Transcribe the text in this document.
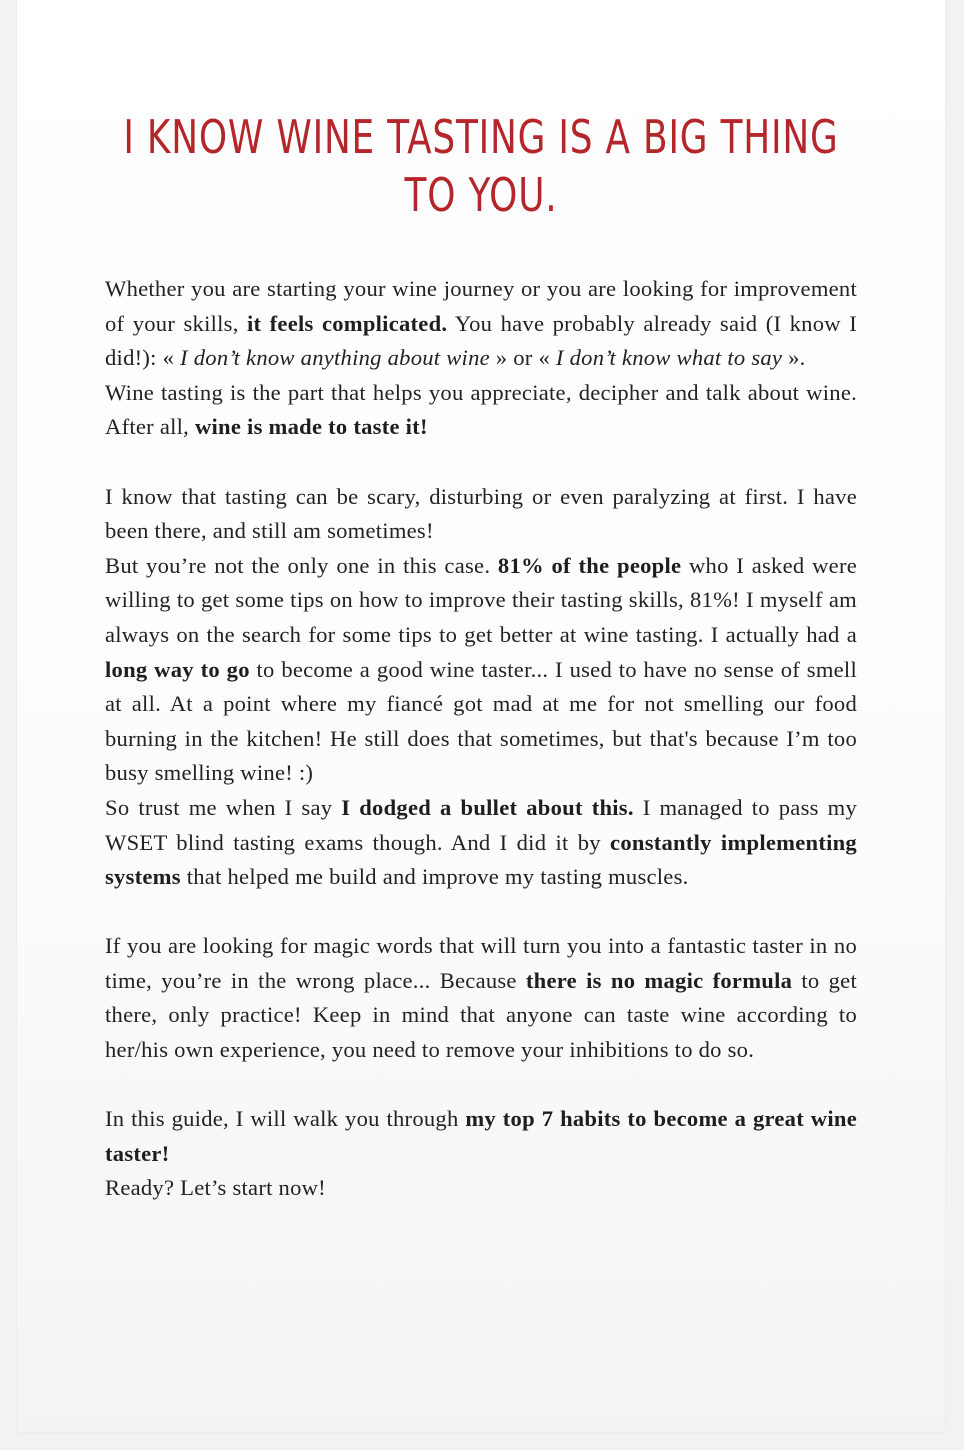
I KNOW WINE TASTING IS A BIG THING
TO YOU.

Whether you are starting your wine journey or you are looking for improvement of your skills, it feels complicated. You have probably already said (I know I did!): « I don’t know anything about wine » or « I don’t know what to say ».

Wine tasting is the part that helps you appreciate, decipher and talk about wine. After all, wine is made to taste it!

I know that tasting can be scary, disturbing or even paralyzing at first. I have been there, and still am sometimes!

But you’re not the only one in this case. 81% of the people who I asked were willing to get some tips on how to improve their tasting skills, 81%! I myself am always on the search for some tips to get better at wine tasting. I actually had a long way to go to become a good wine taster... I used to have no sense of smell at all. At a point where my fiancé got mad at me for not smelling our food burning in the kitchen! He still does that sometimes, but that's because I’m too busy smelling wine! :)

So trust me when I say I dodged a bullet about this. I managed to pass my WSET blind tasting exams though. And I did it by constantly implementing systems that helped me build and improve my tasting muscles.

If you are looking for magic words that will turn you into a fantastic taster in no time, you’re in the wrong place... Because there is no magic formula to get there, only practice! Keep in mind that anyone can taste wine according to her/his own experience, you need to remove your inhibitions to do so.

In this guide, I will walk you through my top 7 habits to become a great wine taster!

Ready? Let’s start now!
